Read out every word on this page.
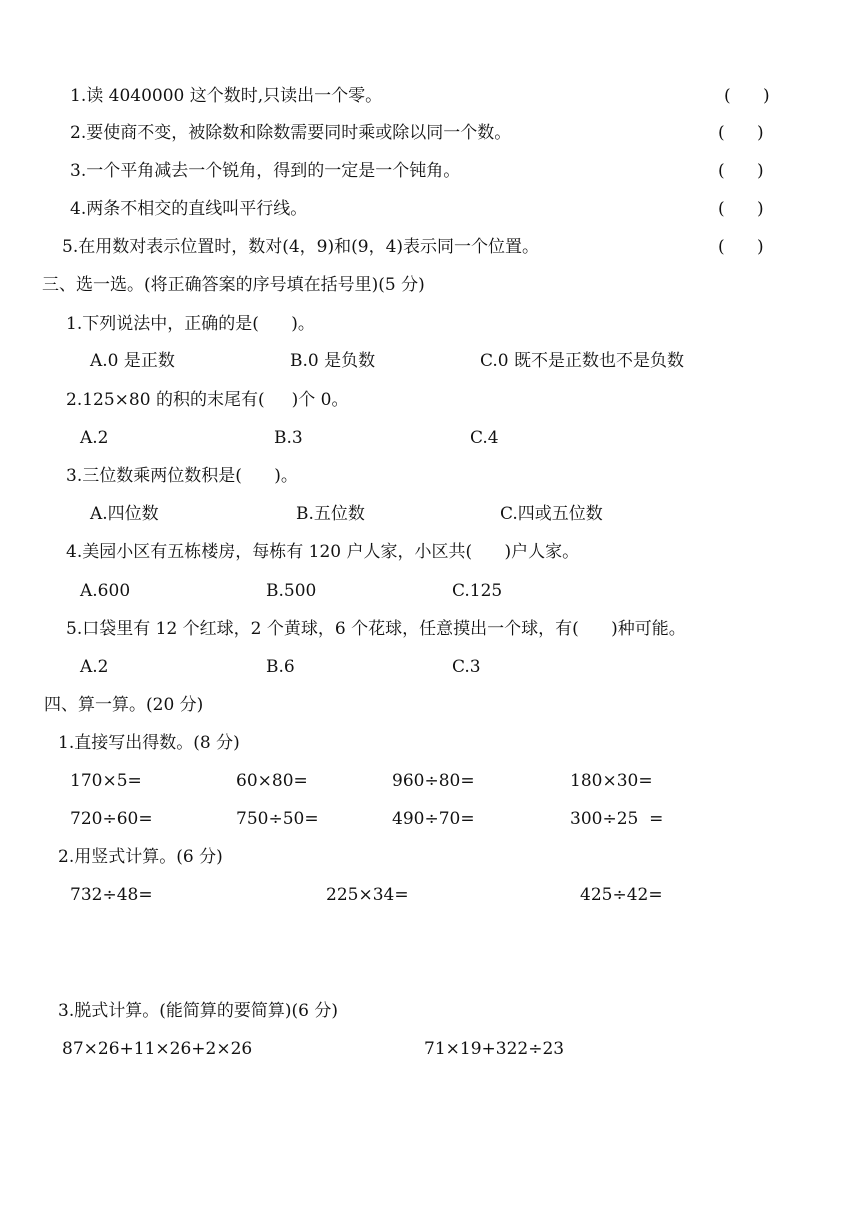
1.读 4040000 这个数时,只读出一个零。	(      )
2.要使商不变，被除数和除数需要同时乘或除以同一个数。	(      )
3.一个平角减去一个锐角，得到的一定是一个钝角。	(      )
4.两条不相交的直线叫平行线。	(      )
5.在用数对表示位置时，数对(4，9)和(9，4)表示同一个位置。	(      )
三、选一选。(将正确答案的序号填在括号里)(5 分)
1.下列说法中，正确的是(      )。
A.0 是正数	B.0 是负数	C.0 既不是正数也不是负数
2.125×80 的积的末尾有(     )个 0。
A.2	B.3	C.4
3.三位数乘两位数积是(      )。
A.四位数	B.五位数	C.四或五位数
4.美园小区有五栋楼房，每栋有 120 户人家，小区共(      )户人家。
A.600	B.500	C.125
5.口袋里有 12 个红球，2 个黄球，6 个花球，任意摸出一个球，有(      )种可能。
A.2	B.6	C.3
四、算一算。(20 分)
1.直接写出得数。(8 分)
170×5=	60×80=	960÷80=	180×30=
720÷60=	750÷50=	490÷70=	300÷25  =
2.用竖式计算。(6 分)
732÷48=	225×34=	425÷42=
3.脱式计算。(能简算的要简算)(6 分)
87×26+11×26+2×26	71×19+322÷23
